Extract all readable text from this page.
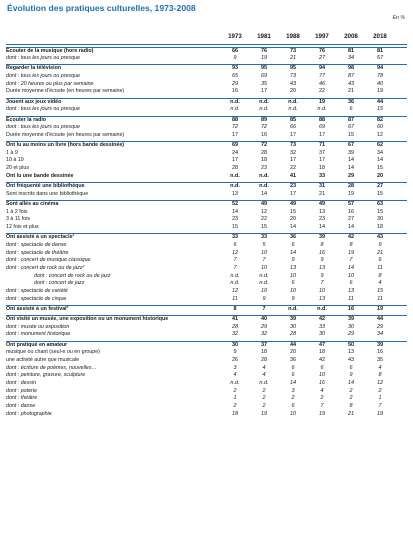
Évolution des pratiques culturelles, 1973-2008
En %
1973	1981	1988	1997	2008	2018
Écouter de la musique (hors radio)	66	76	73	76	81	81
dont : tous les jours ou presque	9	19	21	27	34	57
Regarder la télévision	93	95	95	94	98	94
dont : tous les jours ou presque	65	69	73	77	87	78
dont : 20 heures ou plus par semaine	29	35	43	46	43	40
Durée moyenne d'écoute (en heures par semaine)	16	17	20	22	21	19
Jouent aux jeux vidéo	n.d.	n.d.	n.d.	19	36	44
dont : tous les jours ou presque	n.d.	n.d.	n.d.	n.d.	6	15
Écouter la radio	88	89	85	88	87	82
dont : tous les jours ou presque	72	72	66	69	67	60
Durée moyenne d'écoute (en heures par semaine)	17	16	17	17	15	12
Ont lu au moins un livre (hors bande dessinée)	69	72	73	71	67	62
1 à 9	24	28	32	37	39	34
10 à 19	17	18	17	17	14	14
20 et plus	28	23	22	18	14	15
Ont lu une bande dessinée	n.d.	n.d.	41	33	29	20
Ont fréquenté une bibliothèque	n.d.	n.d.	23	31	28	27
Sont inscrits dans une bibliothèque	13	14	17	21	19	15
Sont allés au cinéma	52	49	49	49	57	63
1 à 2 fois	14	12	15	13	16	15
3 à 11 fois	23	22	20	23	27	30
12 fois et plus	15	15	14	14	14	18
Ont assisté à un spectacle¹	33	33	36	39	42	43
dont : spectacle de danse	6	5	6	8	8	9
dont : spectacle de théâtre	12	10	14	16	19	21
dont : concert de musique classique	7	7	9	9	7	6
dont : concert de rock ou de jazz²	7	10	13	13	14	11
dont : concert de rock ou de jazz	n.d.	n.d.	10	9	10	8
dont : concert de jazz	n.d.	n.d.	6	7	6	4
dont : spectacle de variété	12	10	10	10	13	15
dont : spectacle de cirque	11	9	9	13	11	11
Ont assisté à un festival³	8	7	n.d.	n.d.	16	19
Ont visité un musée, une exposition ou un monument historique	41	40	39	42	39	44
dont : musée ou exposition	28	29	30	33	30	29
dont : monument historique	32	32	28	30	29	34
Ont pratiqué en amateur	30	37	44	47	50	39
musique ou chant (seul-e ou en groupe)	9	18	20	18	13	16
une activité autre que musicale	26	28	36	42	43	35
dont : écriture de poèmes, nouvelles…	3	4	6	6	6	4
dont : peinture, gravure, sculpture	4	4	6	10	9	8
dont : dessin	n.d.	n.d.	14	16	14	12
dont : poterie	2	2	3	4	2	2
dont : théâtre	1	2	2	2	2	1
dont : danse	2	2	6	7	8	7
dont : photographie	18	19	10	19	21	19
